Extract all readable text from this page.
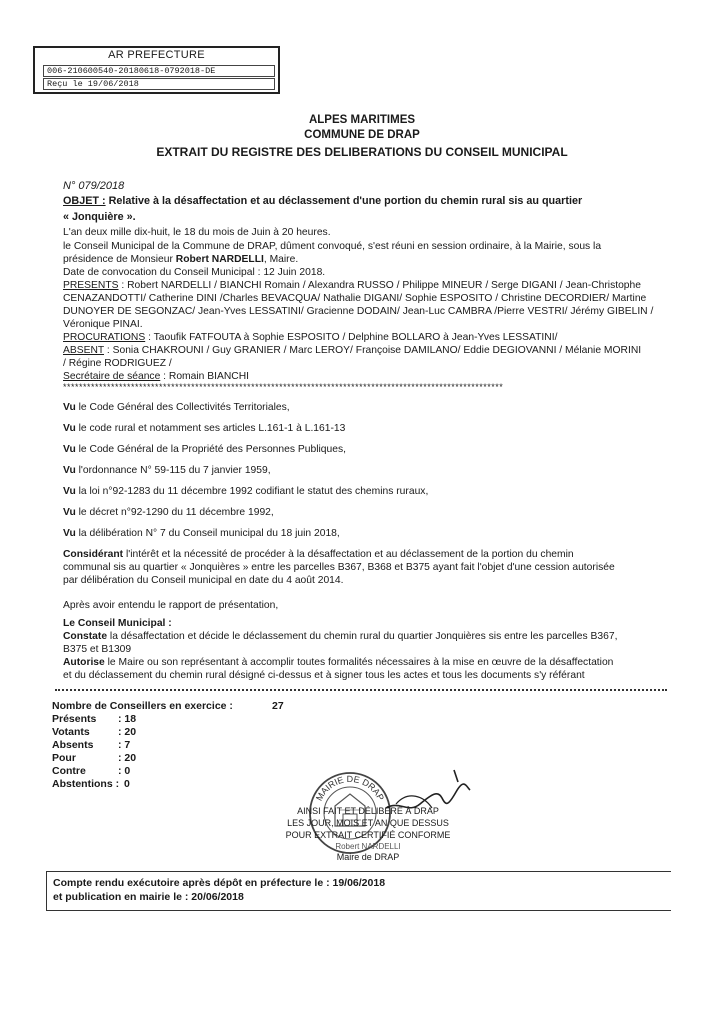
AR PREFECTURE
006-210600540-20180618-0792018-DE
Reçu le 19/06/2018
ALPES MARITIMES
COMMUNE DE DRAP
EXTRAIT DU REGISTRE DES DELIBERATIONS DU CONSEIL MUNICIPAL
N° 079/2018
OBJET : Relative à la désaffectation et au déclassement d'une portion du chemin rural sis au quartier
« Jonquière ».
L'an deux mille dix-huit, le 18 du mois de Juin à 20 heures.
le Conseil Municipal de la Commune de DRAP, dûment convoqué, s'est réuni en session ordinaire, à la Mairie, sous la
présidence de Monsieur Robert NARDELLI, Maire.
Date de convocation du Conseil Municipal : 12 Juin 2018.
PRESENTS : Robert NARDELLI / BIANCHI Romain / Alexandra RUSSO / Philippe MINEUR / Serge DIGANI / Jean-Christophe
CENAZANDOTTI/ Catherine DINI /Charles BEVACQUA/ Nathalie DIGANI/ Sophie ESPOSITO / Christine DECORDIER/ Martine
DUNOYER DE SEGONZAC/ Jean-Yves LESSATINI/ Gracienne DODAIN/ Jean-Luc CAMBRA /Pierre VESTRI/ Jérémy GIBELIN /
Véronique PINAI.
PROCURATIONS : Taoufik FATFOUTA à Sophie ESPOSITO / Delphine BOLLARO à Jean-Yves LESSATINI/
ABSENT : Sonia CHAKROUNI / Guy GRANIER / Marc LEROY/ Françoise DAMILANO/ Eddie DEGIOVANNI / Mélanie MORINI
/ Régine RODRIGUEZ /
Secrétaire de séance : Romain BIANCHI
**************************************************************************************************************
Vu le Code Général des Collectivités Territoriales,
Vu le code rural et notamment ses articles L.161-1 à L.161-13
Vu le Code Général de la Propriété des Personnes Publiques,
Vu l'ordonnance N° 59-115 du 7 janvier 1959,
Vu la loi n°92-1283 du 11 décembre 1992 codifiant le statut des chemins ruraux,
Vu le décret n°92-1290 du 11 décembre 1992,
Vu la délibération N° 7 du Conseil municipal du 18 juin 2018,
Considérant l'intérêt et la nécessité de procéder à la désaffectation et au déclassement de la portion du chemin
communal sis au quartier « Jonquières » entre les parcelles B367, B368 et B375 ayant fait l'objet d'une cession autorisée
par délibération du Conseil municipal en date du 4 août 2014.
Après avoir entendu le rapport de présentation,
Le Conseil Municipal :
Constate la désaffectation et décide le déclassement du chemin rural du quartier Jonquières sis entre les parcelles B367,
B375 et B1309
Autorise le Maire ou son représentant à accomplir toutes formalités nécessaires à la mise en œuvre de la désaffectation
et du déclassement du chemin rural désigné ci-dessus et à signer tous les actes et tous les documents s'y référant
Nombre de Conseillers en exercice :	27
Présents : 18
Votants	: 20
Absents : 7
Pour	: 20
Contre	: 0
Abstentions : 0
MAIRIE DE DRAP
AINSI FAIT ET DÉLIBÉRÉ À DRAP
LES JOUR, MOIS ET AN QUE DESSUS
POUR EXTRAIT CERTIFIÉ CONFORME
Robert NARDELLI
Maire de DRAP
Compte rendu exécutoire après dépôt en préfecture le : 19/06/2018
et publication en mairie le : 20/06/2018
